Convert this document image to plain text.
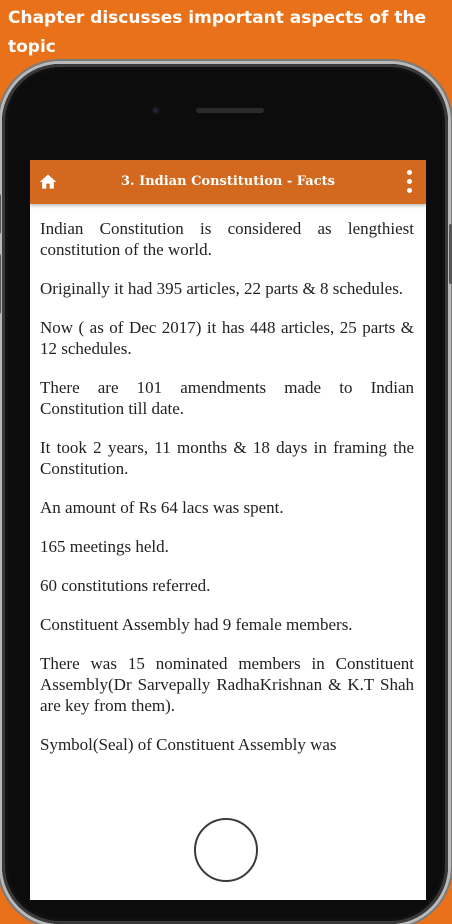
Chapter discusses important aspects of the topic
3. Indian Constitution - Facts

Indian Constitution is considered as lengthiest constitution of the world.

Originally it had 395 articles, 22 parts & 8 schedules.

Now ( as of Dec 2017) it has 448 articles, 25 parts & 12 schedules.

There are 101 amendments made to Indian Constitution till date.

It took 2 years, 11 months & 18 days in framing the Constitution.

An amount of Rs 64 lacs was spent.

165 meetings held.

60 constitutions referred.

Constituent Assembly had 9 female members.

There was 15 nominated members in Constituent Assembly(Dr Sarvepally RadhaKrishnan & K.T Shah are key from them).

Symbol(Seal) of Constituent Assembly was
